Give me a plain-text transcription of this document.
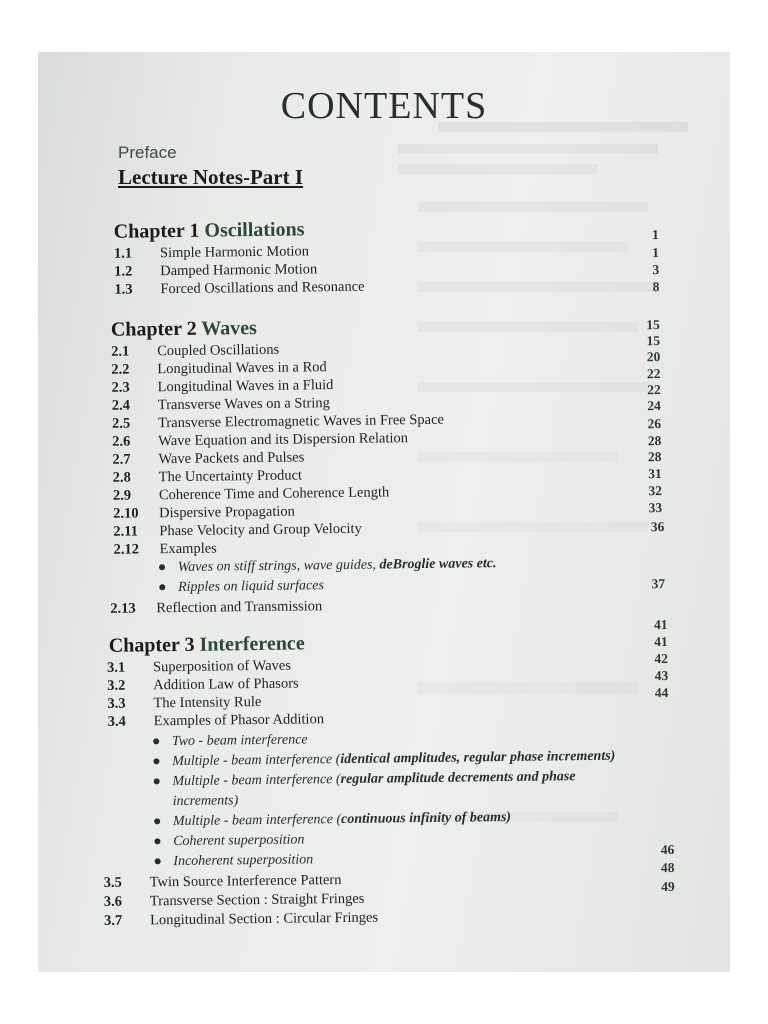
CONTENTS
Preface
Lecture Notes-Part I
Chapter 1 Oscillations
1.1 Simple Harmonic Motion
1.2 Damped Harmonic Motion
1.3 Forced Oscillations and Resonance
Chapter 2 Waves
2.1 Coupled Oscillations
2.2 Longitudinal Waves in a Rod
2.3 Longitudinal Waves in a Fluid
2.4 Transverse Waves on a String
2.5 Transverse Electromagnetic Waves in Free Space
2.6 Wave Equation and its Dispersion Relation
2.7 Wave Packets and Pulses
2.8 The Uncertainty Product
2.9 Coherence Time and Coherence Length
2.10 Dispersive Propagation
2.11 Phase Velocity and Group Velocity
2.12 Examples
● Waves on stiff strings, wave guides, deBroglie waves etc.
● Ripples on liquid surfaces
2.13 Reflection and Transmission
Chapter 3 Interference
3.1 Superposition of Waves
3.2 Addition Law of Phasors
3.3 The Intensity Rule
3.4 Examples of Phasor Addition
● Two - beam interference
● Multiple - beam interference (identical amplitudes, regular phase increments)
● Multiple - beam interference (regular amplitude decrements and phase
increments)
● Multiple - beam interference (continuous infinity of beams)
● Coherent superposition
● Incoherent superposition
3.5 Twin Source Interference Pattern
3.6 Transverse Section : Straight Fringes
3.7 Longitudinal Section : Circular Fringes
1
1
3
8
15
15
20
22
22
24
26
28
28
31
32
33
36
37
41
41
42
43
44
46
48
49
